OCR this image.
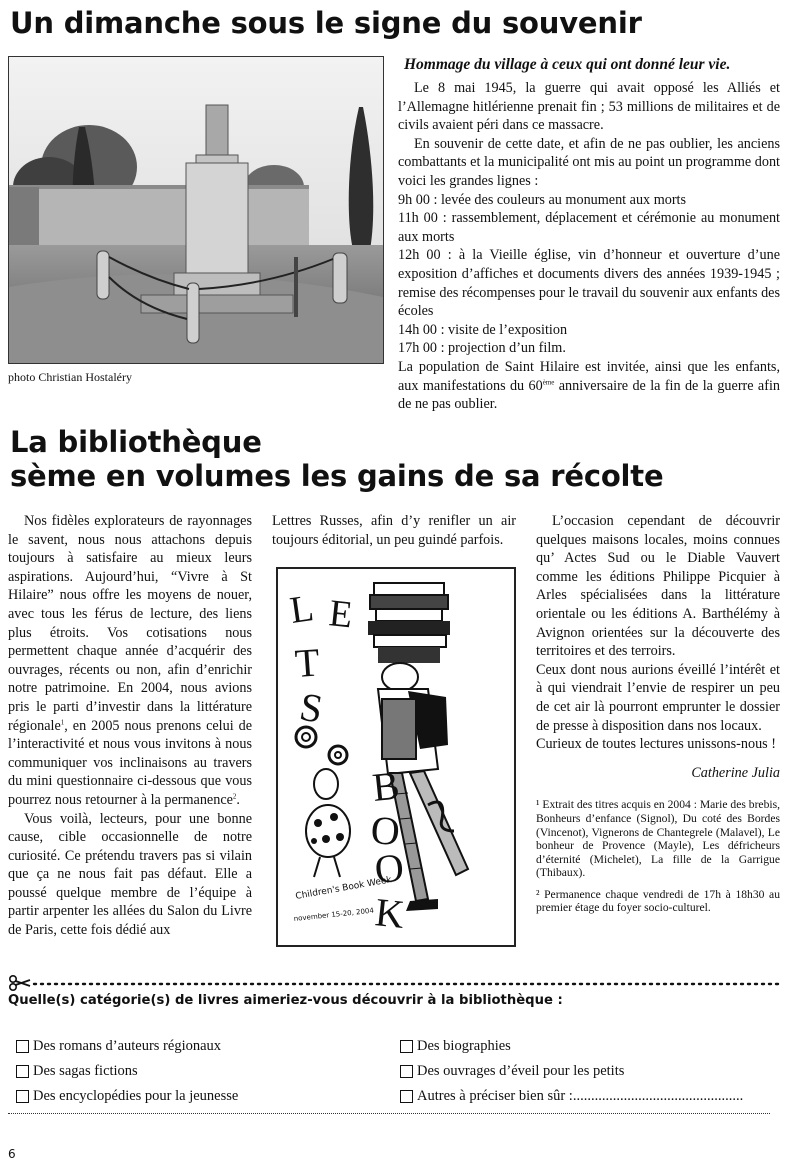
Un dimanche sous le signe du souvenir
photo Christian Hostaléry

Hommage du village à ceux qui ont donné leur vie.

Le 8 mai 1945, la guerre qui avait opposé les Alliés et l’Allemagne hitlérienne prenait fin ; 53 millions de militaires et de civils avaient péri dans ce massacre.

En souvenir de cette date, et afin de ne pas oublier, les anciens combattants et la municipalité ont mis au point un programme dont voici les grandes lignes :

9h 00 : levée des couleurs au monument aux morts

11h 00 : rassemblement, déplacement et cérémonie au monument aux morts

12h 00 : à la Vieille église, vin d’honneur et ouverture d’une exposition d’affiches et documents divers des années 1939-1945 ; remise des récompenses pour le travail du souvenir aux enfants des écoles

14h 00 : visite de l’exposition

17h 00 : projection d’un film.

La population de Saint Hilaire est invitée, ainsi que les enfants, aux manifestations du 60ème anniversaire de la fin de la guerre afin de ne pas oublier.

La bibliothèque
sème en volumes les gains de sa récolte

Nos fidèles explorateurs de rayonnages le savent, nous nous attachons depuis toujours à satisfaire au mieux leurs aspirations. Aujourd’hui, “Vivre à St Hilaire” nous offre les moyens de nouer, avec tous les férus de lecture, des liens plus étroits. Vos cotisations nous permettent chaque année d’acquérir des ouvrages, récents ou non, afin d’enrichir notre patrimoine. En 2004, nous avions pris le parti d’investir dans la littérature régionale$^1$, en 2005 nous prenons celui de l’interactivité et nous vous invitons à nous communiquer vos inclinaisons au travers du mini questionnaire ci-dessous que vous pourrez nous retourner à la permanence$^2$.

Vous voilà, lecteurs, pour une bonne cause, cible occasionnelle de notre curiosité. Ce prétendu travers pas si vilain que ça ne nous fait pas défaut. Elle a poussé quelque membre de l’équipe à partir arpenter les allées du Salon du Livre de Paris, cette fois dédié aux

Lettres Russes, afin d’y renifler un air toujours éditorial, un peu guindé parfois.

L E
T
S
B
O
O
K
Children's Book Week
november 15-20, 2004

L’occasion cependant de découvrir quelques maisons locales, moins connues qu’ Actes Sud ou le Diable Vauvert comme les éditions Philippe Picquier à Arles spécialisées dans la littérature orientale ou les éditions A. Barthélémy à Avignon orientées sur la découverte des territoires et des terroirs.

Ceux dont nous aurions éveillé l’intérêt et à qui viendrait l’envie de respirer un peu de cet air là pourront emprunter le dossier de presse à disposition dans nos locaux.

Curieux de toutes lectures unissons-nous !

Catherine Julia

¹ Extrait des titres acquis en 2004 : Marie des brebis, Bonheurs d’enfance (Signol), Du coté des Bordes (Vincenot), Vignerons de Chantegrele (Malavel), Le bonheur de Provence (Mayle), Les défricheurs d’éternité (Michelet), La fille de la Garrigue (Thibaux).

² Permanence chaque vendredi de 17h à 18h30 au premier étage du foyer socio-culturel.

Quelle(s) catégorie(s) de livres aimeriez-vous découvrir à la bibliothèque :
Des romans d’auteurs régionaux
Des sagas fictions
Des encyclopédies pour la jeunesse
Des biographies
Des ouvrages d’éveil pour les petits
Autres à préciser bien sûr :...............................................
6
